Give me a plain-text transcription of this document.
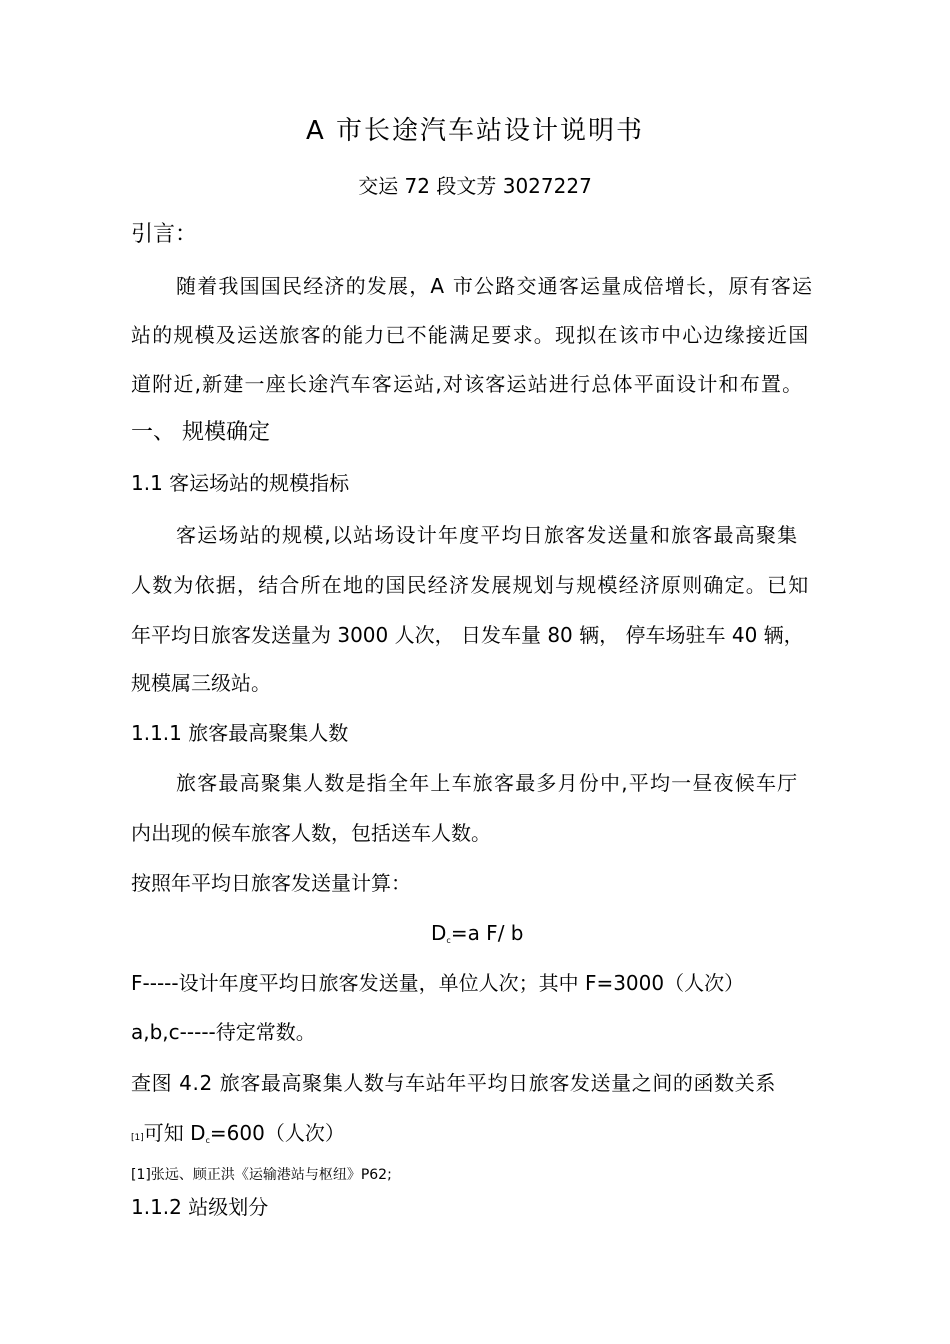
A 市长途汽车站设计说明书
交运 72 段文芳 3027227
引言：
随着我国国民经济的发展，A 市公路交通客运量成倍增长，原有客运
站的规模及运送旅客的能力已不能满足要求。现拟在该市中心边缘接近国
道附近,新建一座长途汽车客运站,对该客运站进行总体平面设计和布置。
一、 规模确定
1.1 客运场站的规模指标
客运场站的规模,以站场设计年度平均日旅客发送量和旅客最高聚集
人数为依据，结合所在地的国民经济发展规划与规模经济原则确定。已知
年平均日旅客发送量为 3000 人次， 日发车量 80 辆， 停车场驻车 40 辆，
规模属三级站。
1.1.1 旅客最高聚集人数
旅客最高聚集人数是指全年上车旅客最多月份中,平均一昼夜候车厅
内出现的候车旅客人数，包括送车人数。
按照年平均日旅客发送量计算：
Dc=a F/ b
F-----设计年度平均日旅客发送量，单位人次；其中 F=3000（人次）
a,b,c-----待定常数。
查图 4.2 旅客最高聚集人数与车站年平均日旅客发送量之间的函数关系
[1]可知 Dc=600（人次）
[1]张远、顾正洪《运输港站与枢纽》P62;
1.1.2 站级划分
